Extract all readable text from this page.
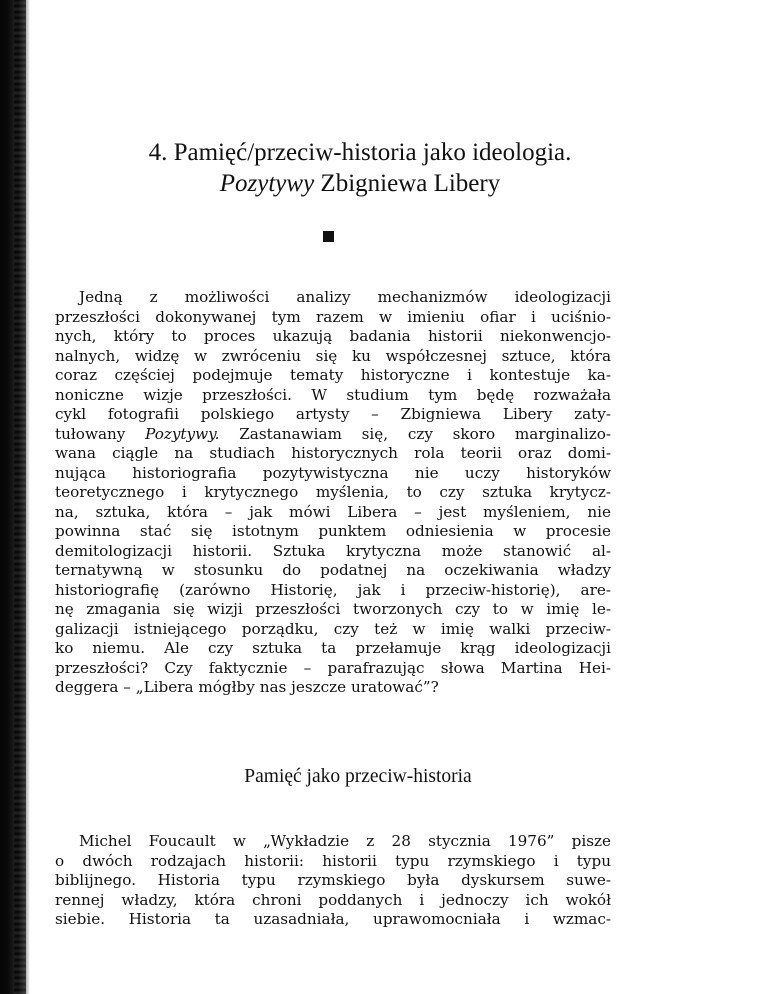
4. Pamięć/przeciw-historia jako ideologia.
Pozytywy Zbigniewa Libery
Jedną z możliwości analizy mechanizmów ideologizacji
przeszłości dokonywanej tym razem w imieniu ofiar i uciśnio-
nych, który to proces ukazują badania historii niekonwencjo-
nalnych, widzę w zwróceniu się ku współczesnej sztuce, która
coraz częściej podejmuje tematy historyczne i kontestuje ka-
noniczne wizje przeszłości. W studium tym będę rozważała
cykl fotografii polskiego artysty – Zbigniewa Libery zaty-
tułowany Pozytywy. Zastanawiam się, czy skoro marginalizo-
wana ciągle na studiach historycznych rola teorii oraz domi-
nująca historiografia pozytywistyczna nie uczy historyków
teoretycznego i krytycznego myślenia, to czy sztuka krytycz-
na, sztuka, która – jak mówi Libera – jest myśleniem, nie
powinna stać się istotnym punktem odniesienia w procesie
demitologizacji historii. Sztuka krytyczna może stanowić al-
ternatywną w stosunku do podatnej na oczekiwania władzy
historiografię (zarówno Historię, jak i przeciw-historię), are-
nę zmagania się wizji przeszłości tworzonych czy to w imię le-
galizacji istniejącego porządku, czy też w imię walki przeciw-
ko niemu. Ale czy sztuka ta przełamuje krąg ideologizacji
przeszłości? Czy faktycznie – parafrazując słowa Martina Hei-
deggera – „Libera mógłby nas jeszcze uratować”?
Pamięć jako przeciw-historia
Michel Foucault w „Wykładzie z 28 stycznia 1976” pisze
o dwóch rodzajach historii: historii typu rzymskiego i typu
biblijnego. Historia typu rzymskiego była dyskursem suwe-
rennej władzy, która chroni poddanych i jednoczy ich wokół
siebie. Historia ta uzasadniała, uprawomocniała i wzmac-
